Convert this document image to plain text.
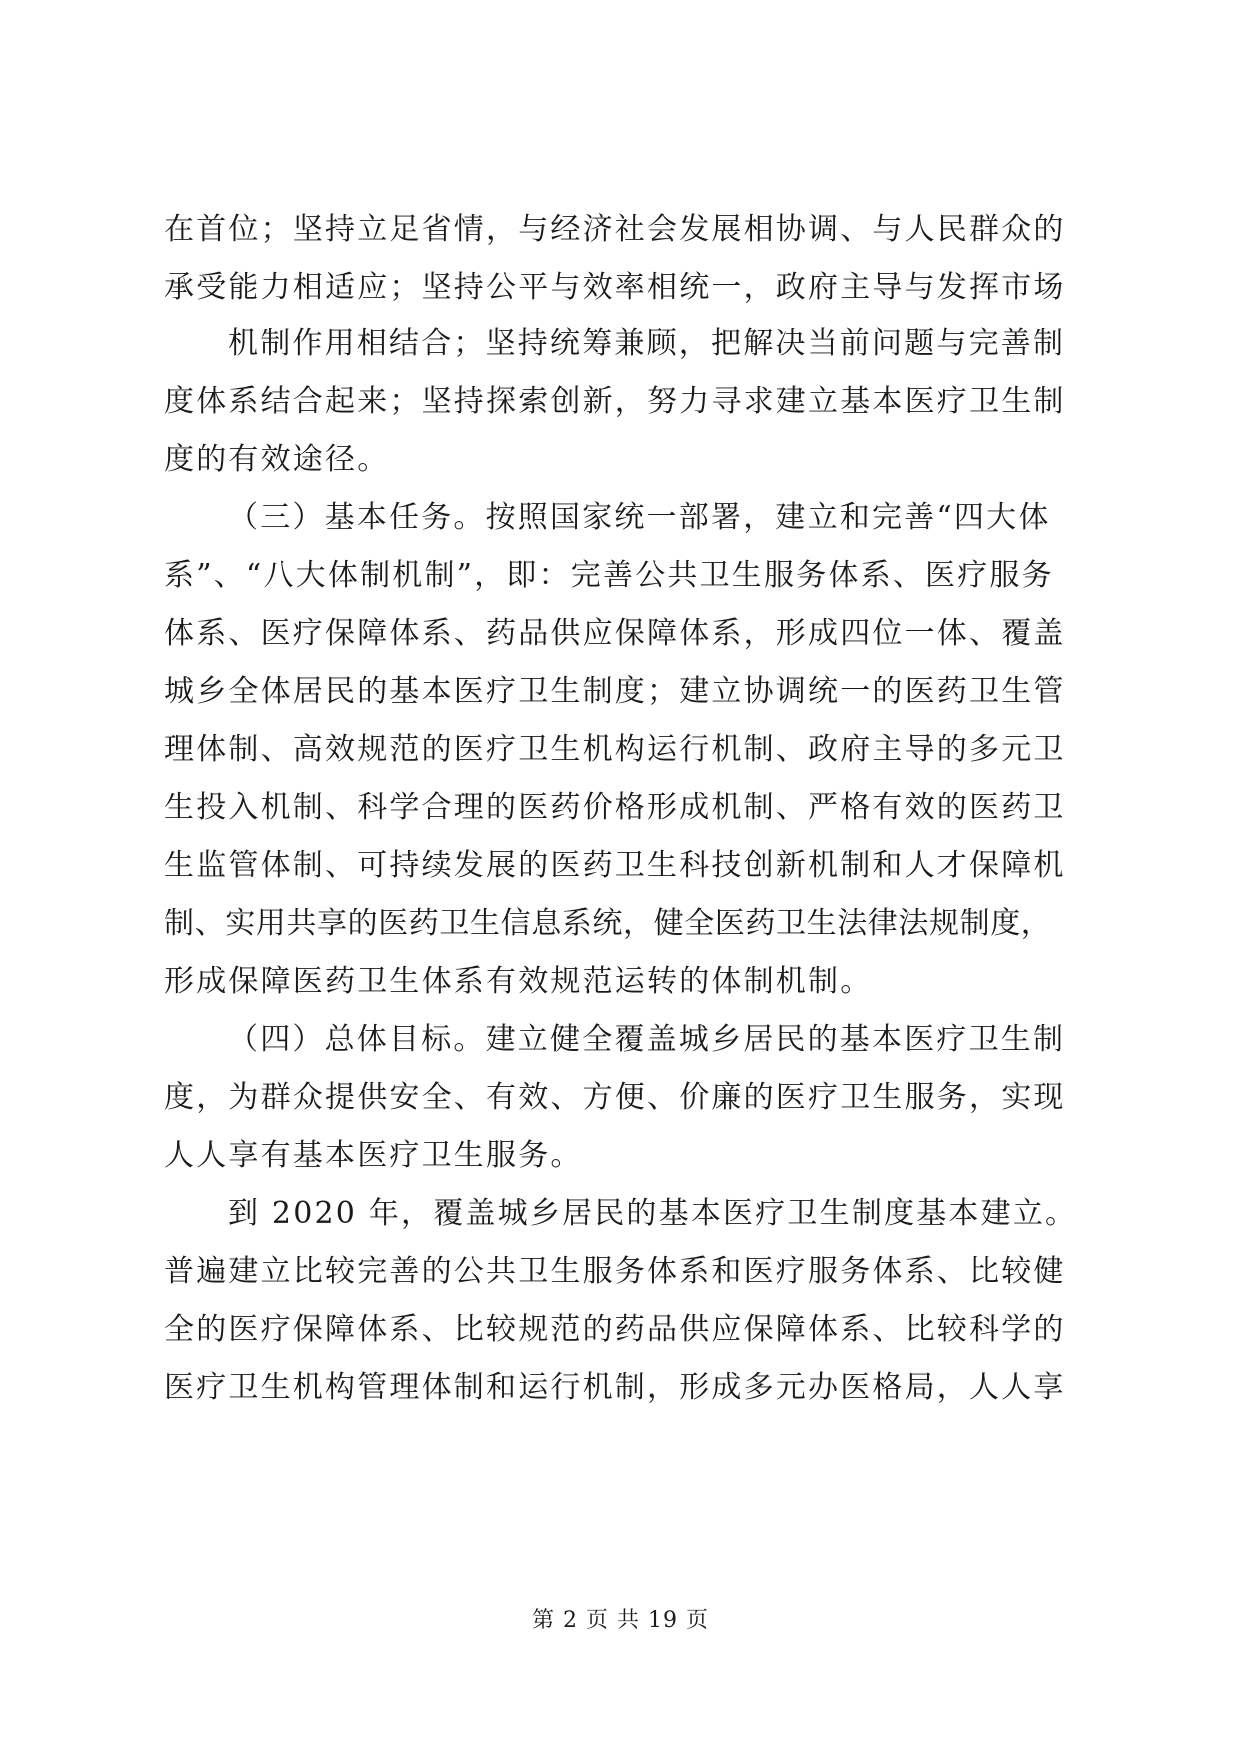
在首位；坚持立足省情，与经济社会发展相协调、与人民群众的
承受能力相适应；坚持公平与效率相统一，政府主导与发挥市场
机制作用相结合；坚持统筹兼顾，把解决当前问题与完善制
度体系结合起来；坚持探索创新，努力寻求建立基本医疗卫生制
度的有效途径。
（三）基本任务。按照国家统一部署，建立和完善“四大体
系”、“八大体制机制”，即：完善公共卫生服务体系、医疗服务
体系、医疗保障体系、药品供应保障体系，形成四位一体、覆盖
城乡全体居民的基本医疗卫生制度；建立协调统一的医药卫生管
理体制、高效规范的医疗卫生机构运行机制、政府主导的多元卫
生投入机制、科学合理的医药价格形成机制、严格有效的医药卫
生监管体制、可持续发展的医药卫生科技创新机制和人才保障机
制、实用共享的医药卫生信息系统，健全医药卫生法律法规制度，
形成保障医药卫生体系有效规范运转的体制机制。
（四）总体目标。建立健全覆盖城乡居民的基本医疗卫生制
度，为群众提供安全、有效、方便、价廉的医疗卫生服务，实现
人人享有基本医疗卫生服务。
到 2020 年，覆盖城乡居民的基本医疗卫生制度基本建立。
普遍建立比较完善的公共卫生服务体系和医疗服务体系、比较健
全的医疗保障体系、比较规范的药品供应保障体系、比较科学的
医疗卫生机构管理体制和运行机制，形成多元办医格局，人人享
第 2 页 共 19 页
